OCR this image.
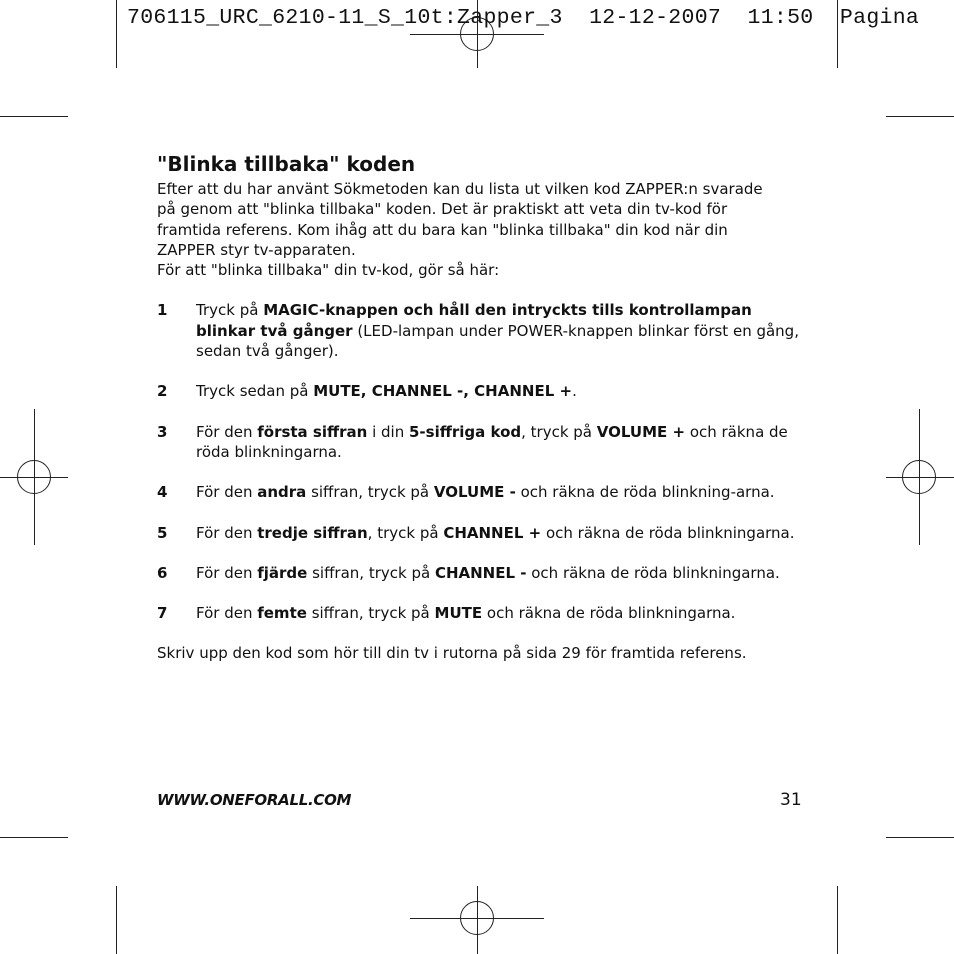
706115_URC_6210-11_S_10t:Zapper_3  12-12-2007  11:50  Pagina
"Blinka tillbaka" koden

Efter att du har använt Sökmetoden kan du lista ut vilken kod ZAPPER:n svarade

på genom att "blinka tillbaka" koden. Det är praktiskt att veta din tv-kod för

framtida referens. Kom ihåg att du bara kan "blinka tillbaka" din kod när din

ZAPPER styr tv-apparaten.

För att "blinka tillbaka" din tv-kod, gör så här:

1	Tryck på MAGIC-knappen och håll den intryckts tills kontrollampan blinkar två gånger (LED-lampan under POWER-knappen blinkar först en gång, sedan två gånger).
2	Tryck sedan på MUTE, CHANNEL -, CHANNEL +.
3	För den första siffran i din 5-siffriga kod, tryck på VOLUME + och räkna de röda blinkningarna.
4	För den andra siffran, tryck på VOLUME - och räkna de röda blinkning-arna.
5	För den tredje siffran, tryck på CHANNEL + och räkna de röda blinkningarna.
6	För den fjärde siffran, tryck på CHANNEL - och räkna de röda blinkningarna.
7	För den femte siffran, tryck på MUTE och räkna de röda blinkningarna.

Skriv upp den kod som hör till din tv i rutorna på sida 29 för framtida referens.

WWW.ONEFORALL.COM	31
